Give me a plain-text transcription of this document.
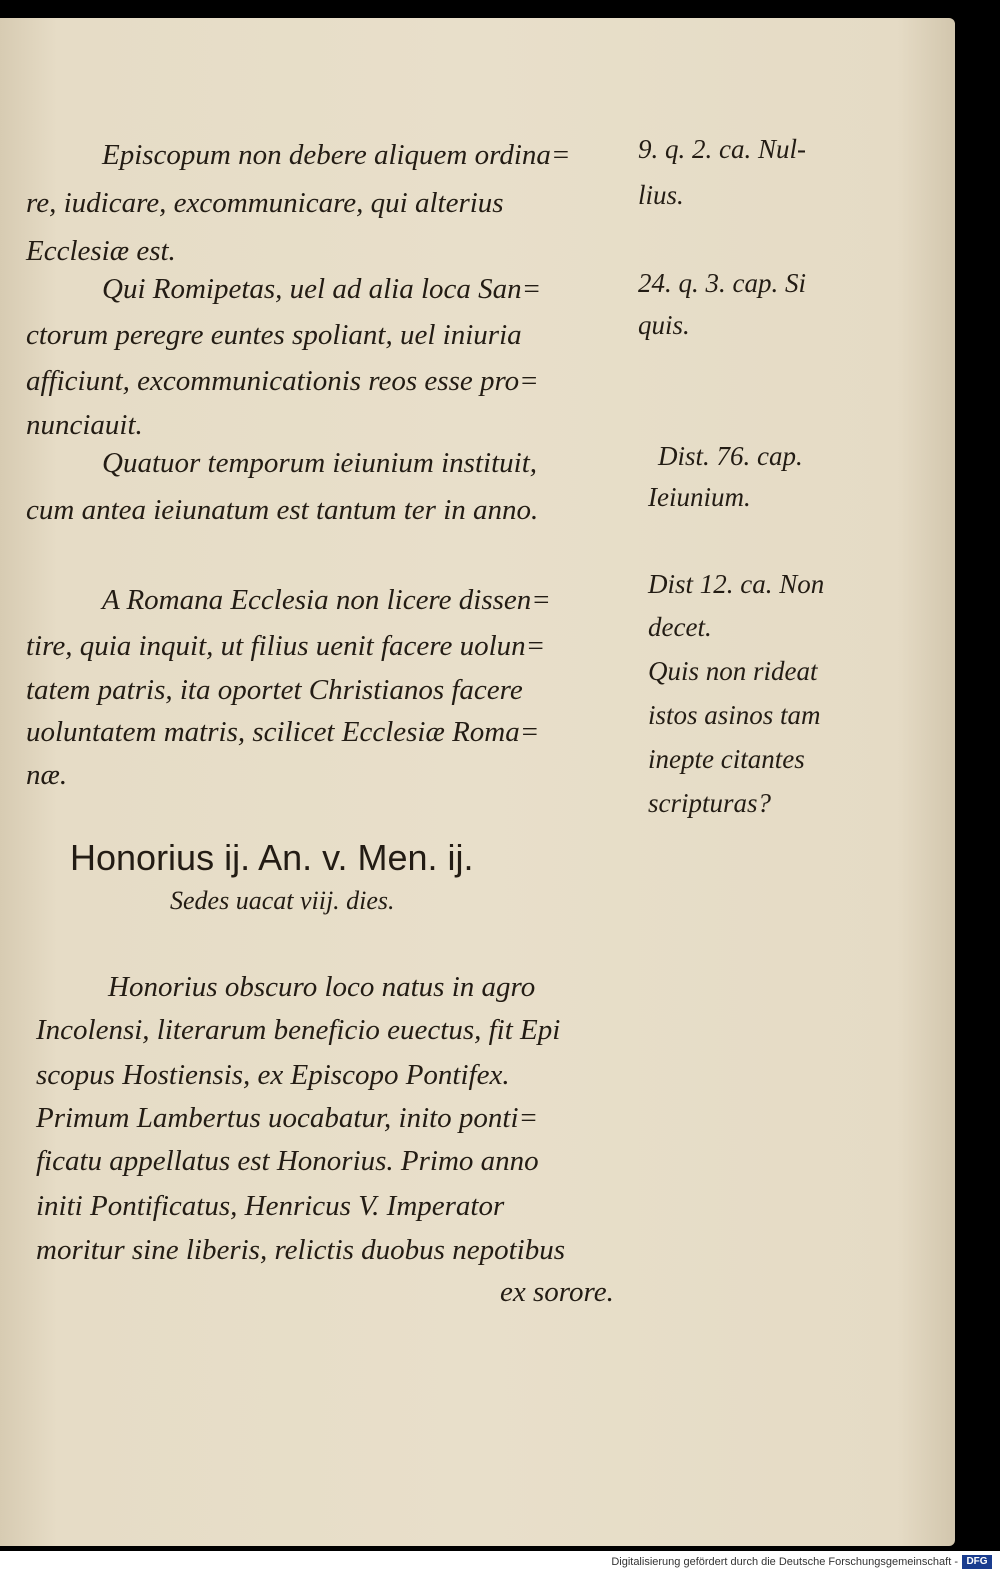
Episcopum non debere aliquem ordina=
re, iudicare, excommunicare, qui alterius
Ecclesiæ est.
Qui Romipetas, uel ad alia loca San=
ctorum peregre euntes spoliant, uel iniuria
afficiunt, excommunicationis reos esse pro=
nunciauit.
Quatuor temporum ieiunium instituit,
cum antea ieiunatum est tantum ter in anno.
A Romana Ecclesia non licere dissen=
tire, quia inquit, ut filius uenit facere uolun=
tatem patris, ita oportet Christianos facere
uoluntatem matris, scilicet Ecclesiæ Roma=
næ.
Honorius ij. An. v. Men. ij.
Sedes uacat viij. dies.
Honorius obscuro loco natus in agro
Incolensi, literarum beneficio euectus, fit Epi
scopus Hostiensis, ex Episcopo Pontifex.
Primum Lambertus uocabatur, inito ponti=
ficatu appellatus est Honorius. Primo anno
initi Pontificatus, Henricus V. Imperator
moritur sine liberis, relictis duobus nepotibus
ex sorore.
9. q. 2. ca. Nul-
lius.
24. q. 3. cap. Si
quis.
Dist. 76. cap.
Ieiunium.
Dist 12. ca. Non
decet.
Quis non rideat
istos asinos tam
inepte citantes
scripturas?
Digitalisierung gefördert durch die Deutsche Forschungsgemeinschaft - DFG
